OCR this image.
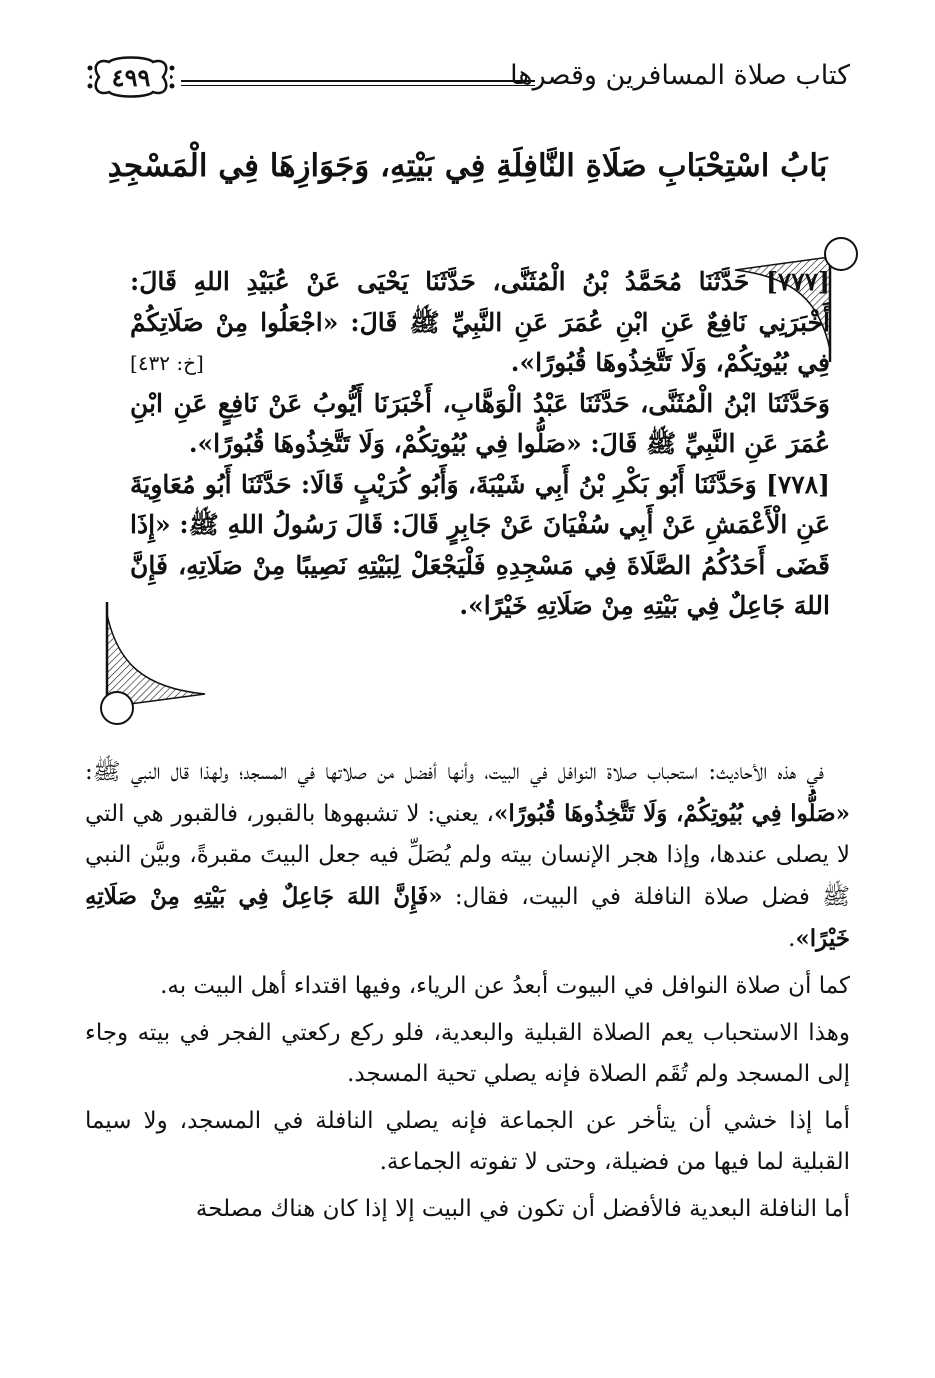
كتاب صلاة المسافرين وقصرها
٤٩٩
بَابُ اسْتِحْبَابِ صَلَاةِ النَّافِلَةِ فِي بَيْتِهِ، وَجَوَازِهَا فِي الْمَسْجِدِ

[٧٧٧] حَدَّثَنَا مُحَمَّدُ بْنُ الْمُثَنَّى، حَدَّثَنَا يَحْيَى عَنْ عُبَيْدِ اللهِ قَالَ: أَخْبَرَنِي نَافِعٌ عَنِ ابْنِ عُمَرَ عَنِ النَّبِيِّ ﷺ قَالَ: «اجْعَلُوا مِنْ صَلَاتِكُمْ فِي بُيُوتِكُمْ، وَلَا تَتَّخِذُوهَا قُبُورًا».
[خ: ٤٣٢]

وَحَدَّثَنَا ابْنُ الْمُثَنَّى، حَدَّثَنَا عَبْدُ الْوَهَّابِ، أَخْبَرَنَا أَيُّوبُ عَنْ نَافِعٍ عَنِ ابْنِ عُمَرَ عَنِ النَّبِيِّ ﷺ قَالَ: «صَلُّوا فِي بُيُوتِكُمْ، وَلَا تَتَّخِذُوهَا قُبُورًا».

[٧٧٨] وَحَدَّثَنَا أَبُو بَكْرِ بْنُ أَبِي شَيْبَةَ، وَأَبُو كُرَيْبٍ قَالَا: حَدَّثَنَا أَبُو مُعَاوِيَةَ عَنِ الْأَعْمَشِ عَنْ أَبِي سُفْيَانَ عَنْ جَابِرٍ قَالَ: قَالَ رَسُولُ اللهِ ﷺ: «إِذَا قَضَى أَحَدُكُمُ الصَّلَاةَ فِي مَسْجِدِهِ فَلْيَجْعَلْ لِبَيْتِهِ نَصِيبًا مِنْ صَلَاتِهِ، فَإِنَّ اللهَ جَاعِلٌ فِي بَيْتِهِ مِنْ صَلَاتِهِ خَيْرًا».

في هذه الأحاديث: استحباب صلاة النوافل في البيت، وأنها أفضل من صلاتها في المسجد؛ ولهذا قال النبي ﷺ: «صَلُّوا فِي بُيُوتِكُمْ، وَلَا تَتَّخِذُوهَا قُبُورًا»، يعني: لا تشبهوها بالقبور، فالقبور هي التي لا يصلى عندها، وإذا هجر الإنسان بيته ولم يُصَلِّ فيه جعل البيتَ مقبرةً، وبيَّن النبي ﷺ فضل صلاة النافلة في البيت، فقال: «فَإِنَّ اللهَ جَاعِلٌ فِي بَيْتِهِ مِنْ صَلَاتِهِ خَيْرًا».

كما أن صلاة النوافل في البيوت أبعدُ عن الرياء، وفيها اقتداء أهل البيت به.

وهذا الاستحباب يعم الصلاة القبلية والبعدية، فلو ركع ركعتي الفجر في بيته وجاء إلى المسجد ولم تُقَم الصلاة فإنه يصلي تحية المسجد.

أما إذا خشي أن يتأخر عن الجماعة فإنه يصلي النافلة في المسجد، ولا سيما القبلية لما فيها من فضيلة، وحتى لا تفوته الجماعة.

أما النافلة البعدية فالأفضل أن تكون في البيت إلا إذا كان هناك مصلحة
